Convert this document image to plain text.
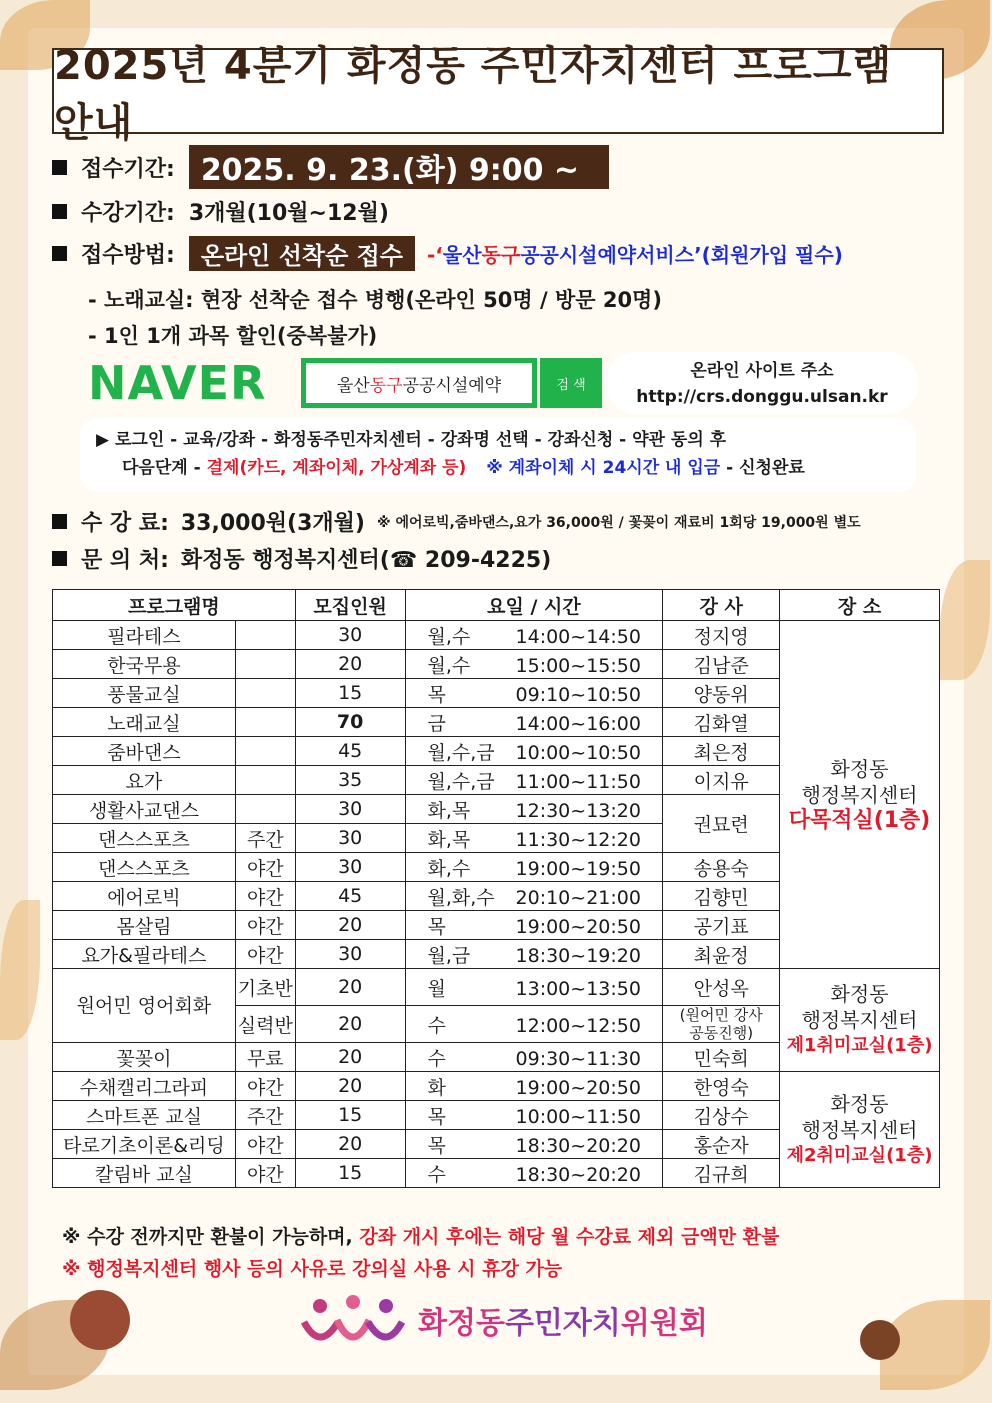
2025년 4분기 화정동 주민자치센터 프로그램 안내
접수기간: 2025. 9. 23.(화) 9:00 ~
수강기간: 3개월(10월~12월)
접수방법:	온라인 선착순 접수	-‘울산동구공공시설예약서비스’(회원가입 필수)
- 노래교실: 현장 선착순 접수 병행(온라인 50명 / 방문 20명)
- 1인 1개 과목 할인(중복불가)
NAVER	울산 동구 공공시설예약	검 색
온라인 사이트 주소
http://crs.donggu.ulsan.kr
▶ 로그인 - 교육/강좌 - 화정동주민자치센터 - 강좌명 선택 - 강좌신청 - 약관 동의 후
다음단계 - 결제(카드, 계좌이체, 가상계좌 등) ※ 계좌이체 시 24시간 내 입금 - 신청완료
수 강 료: 33,000원(3개월) ※ 에어로빅,줌바댄스,요가 36,000원 / 꽃꽂이 재료비 1회당 19,000원 별도
문 의 처: 화정동 행정복지센터(☎ 209-4225)
프로그램명		모집인원	요일 / 시간	강 사	장 소
필라테스		30	월,수 14:00~14:50	정지영	화정동
행정복지센터
다목적실(1층)

한국무용		20	월,수 15:00~15:50	김남준	
풍물교실		15	목 09:10~10:50	양동위	
노래교실		70	금 14:00~16:00	김화열	
줌바댄스		45	월,수,금 10:00~10:50	최은정	
요가		35	월,수,금 11:00~11:50	이지유	
생활사교댄스		30	화,목 12:30~13:20	권묘련	
댄스스포츠	주간	30	화,목 11:30~12:20		
댄스스포츠	야간	30	화,수 19:00~19:50	송용숙	
에어로빅	야간	45	월,화,수 20:10~21:00	김향민	
몸살림	야간	20	목 19:00~20:50	공기표	
요가&필라테스	야간	30	월,금 18:30~19:20	최윤정	
원어민 영어회화	기초반	20	월 13:00~13:50	안성옥	화정동
행정복지센터
제1취미교실(1층)

	실력반	20	수 12:00~12:50	(원어민 강사
공동진행)	

꽃꽂이	무료	20	수 09:30~11:30	민숙희	
수채캘리그라피	야간	20	화 19:00~20:50	한영숙	화정동
행정복지센터
제2취미교실(1층)

스마트폰 교실	주간	15	목 10:00~11:50	김상수	
타로기초이론&리딩	야간	20	목 18:30~20:20	홍순자	
칼림바 교실	야간	15	수 18:30~20:20	김규희	
※ 수강 전까지만 환불이 가능하며, 강좌 개시 후에는 해당 월 수강료 제외 금액만 환불
※ 행정복지센터 행사 등의 사유로 강의실 사용 시 휴강 가능
화정동주민자치위원회
